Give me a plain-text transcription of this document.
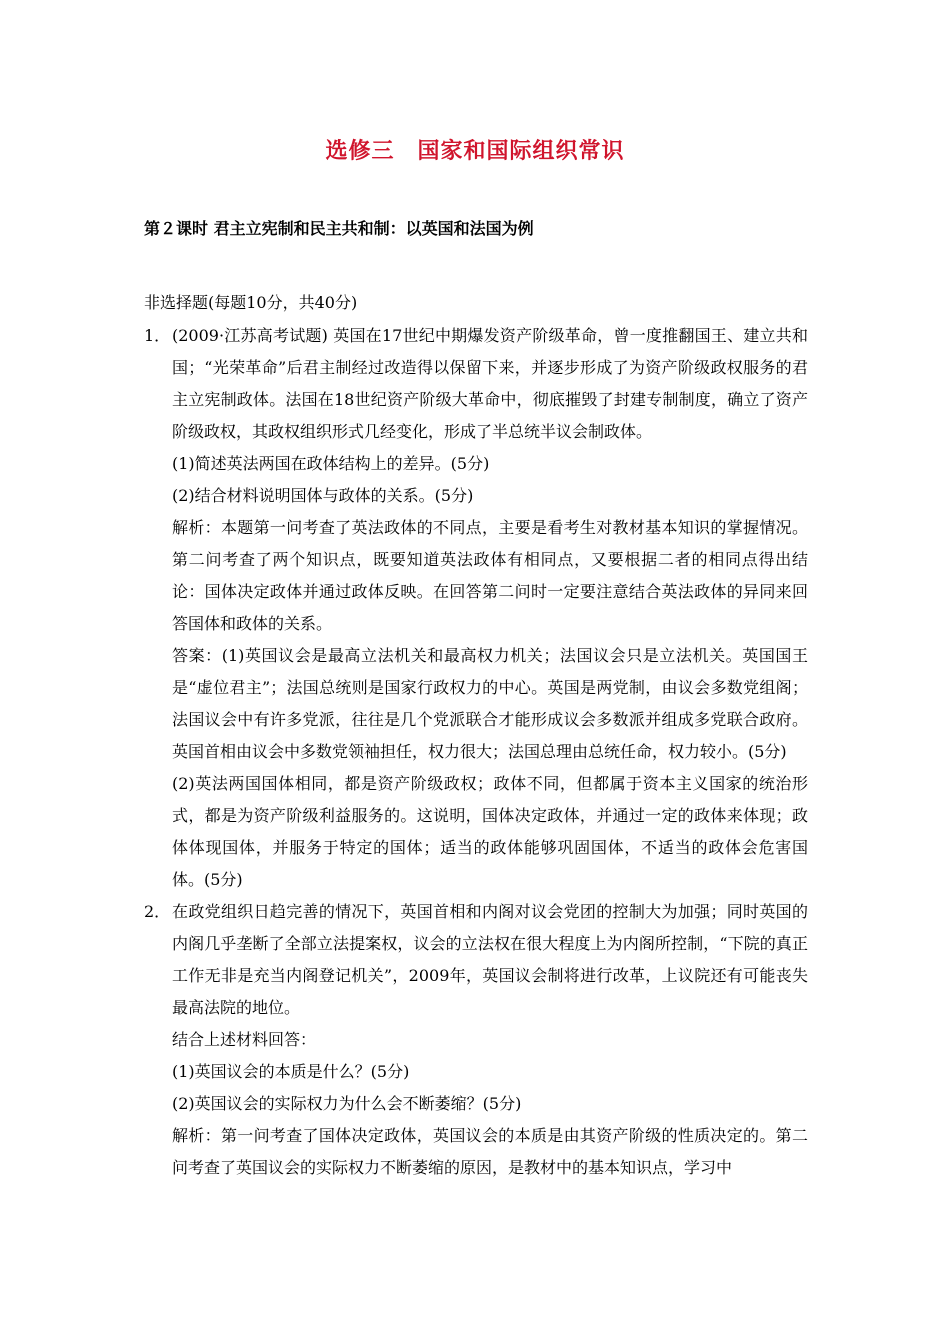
选修三　国家和国际组织常识
第２课时 君主立宪制和民主共和制：以英国和法国为例
非选择题(每题10分，共40分)
1． (2009·江苏高考试题) 英国在17世纪中期爆发资产阶级革命，曾一度推翻国王、建立共和国；“光荣革命”后君主制经过改造得以保留下来，并逐步形成了为资产阶级政权服务的君主立宪制政体。法国在18世纪资产阶级大革命中，彻底摧毁了封建专制制度，确立了资产阶级政权，其政权组织形式几经变化，形成了半总统半议会制政体。

(1)简述英法两国在政体结构上的差异。(5分)

(2)结合材料说明国体与政体的关系。(5分)

解析：本题第一问考查了英法政体的不同点，主要是看考生对教材基本知识的掌握情况。第二问考查了两个知识点，既要知道英法政体有相同点，又要根据二者的相同点得出结论：国体决定政体并通过政体反映。在回答第二问时一定要注意结合英法政体的异同来回答国体和政体的关系。

答案：(1)英国议会是最高立法机关和最高权力机关；法国议会只是立法机关。英国国王是“虚位君主”；法国总统则是国家行政权力的中心。英国是两党制，由议会多数党组阁；法国议会中有许多党派，往往是几个党派联合才能形成议会多数派并组成多党联合政府。英国首相由议会中多数党领袖担任，权力很大；法国总理由总统任命，权力较小。(5分)

(2)英法两国国体相同，都是资产阶级政权；政体不同，但都属于资本主义国家的统治形式，都是为资产阶级利益服务的。这说明，国体决定政体，并通过一定的政体来体现；政体体现国体，并服务于特定的国体；适当的政体能够巩固国体，不适当的政体会危害国体。(5分)

2． 在政党组织日趋完善的情况下，英国首相和内阁对议会党团的控制大为加强；同时英国的内阁几乎垄断了全部立法提案权，议会的立法权在很大程度上为内阁所控制，“下院的真正工作无非是充当内阁登记机关”，2009年，英国议会制将进行改革，上议院还有可能丧失最高法院的地位。

结合上述材料回答：

(1)英国议会的本质是什么？(5分)

(2)英国议会的实际权力为什么会不断萎缩？(5分)

解析：第一问考查了国体决定政体，英国议会的本质是由其资产阶级的性质决定的。第二问考查了英国议会的实际权力不断萎缩的原因，是教材中的基本知识点，学习中
